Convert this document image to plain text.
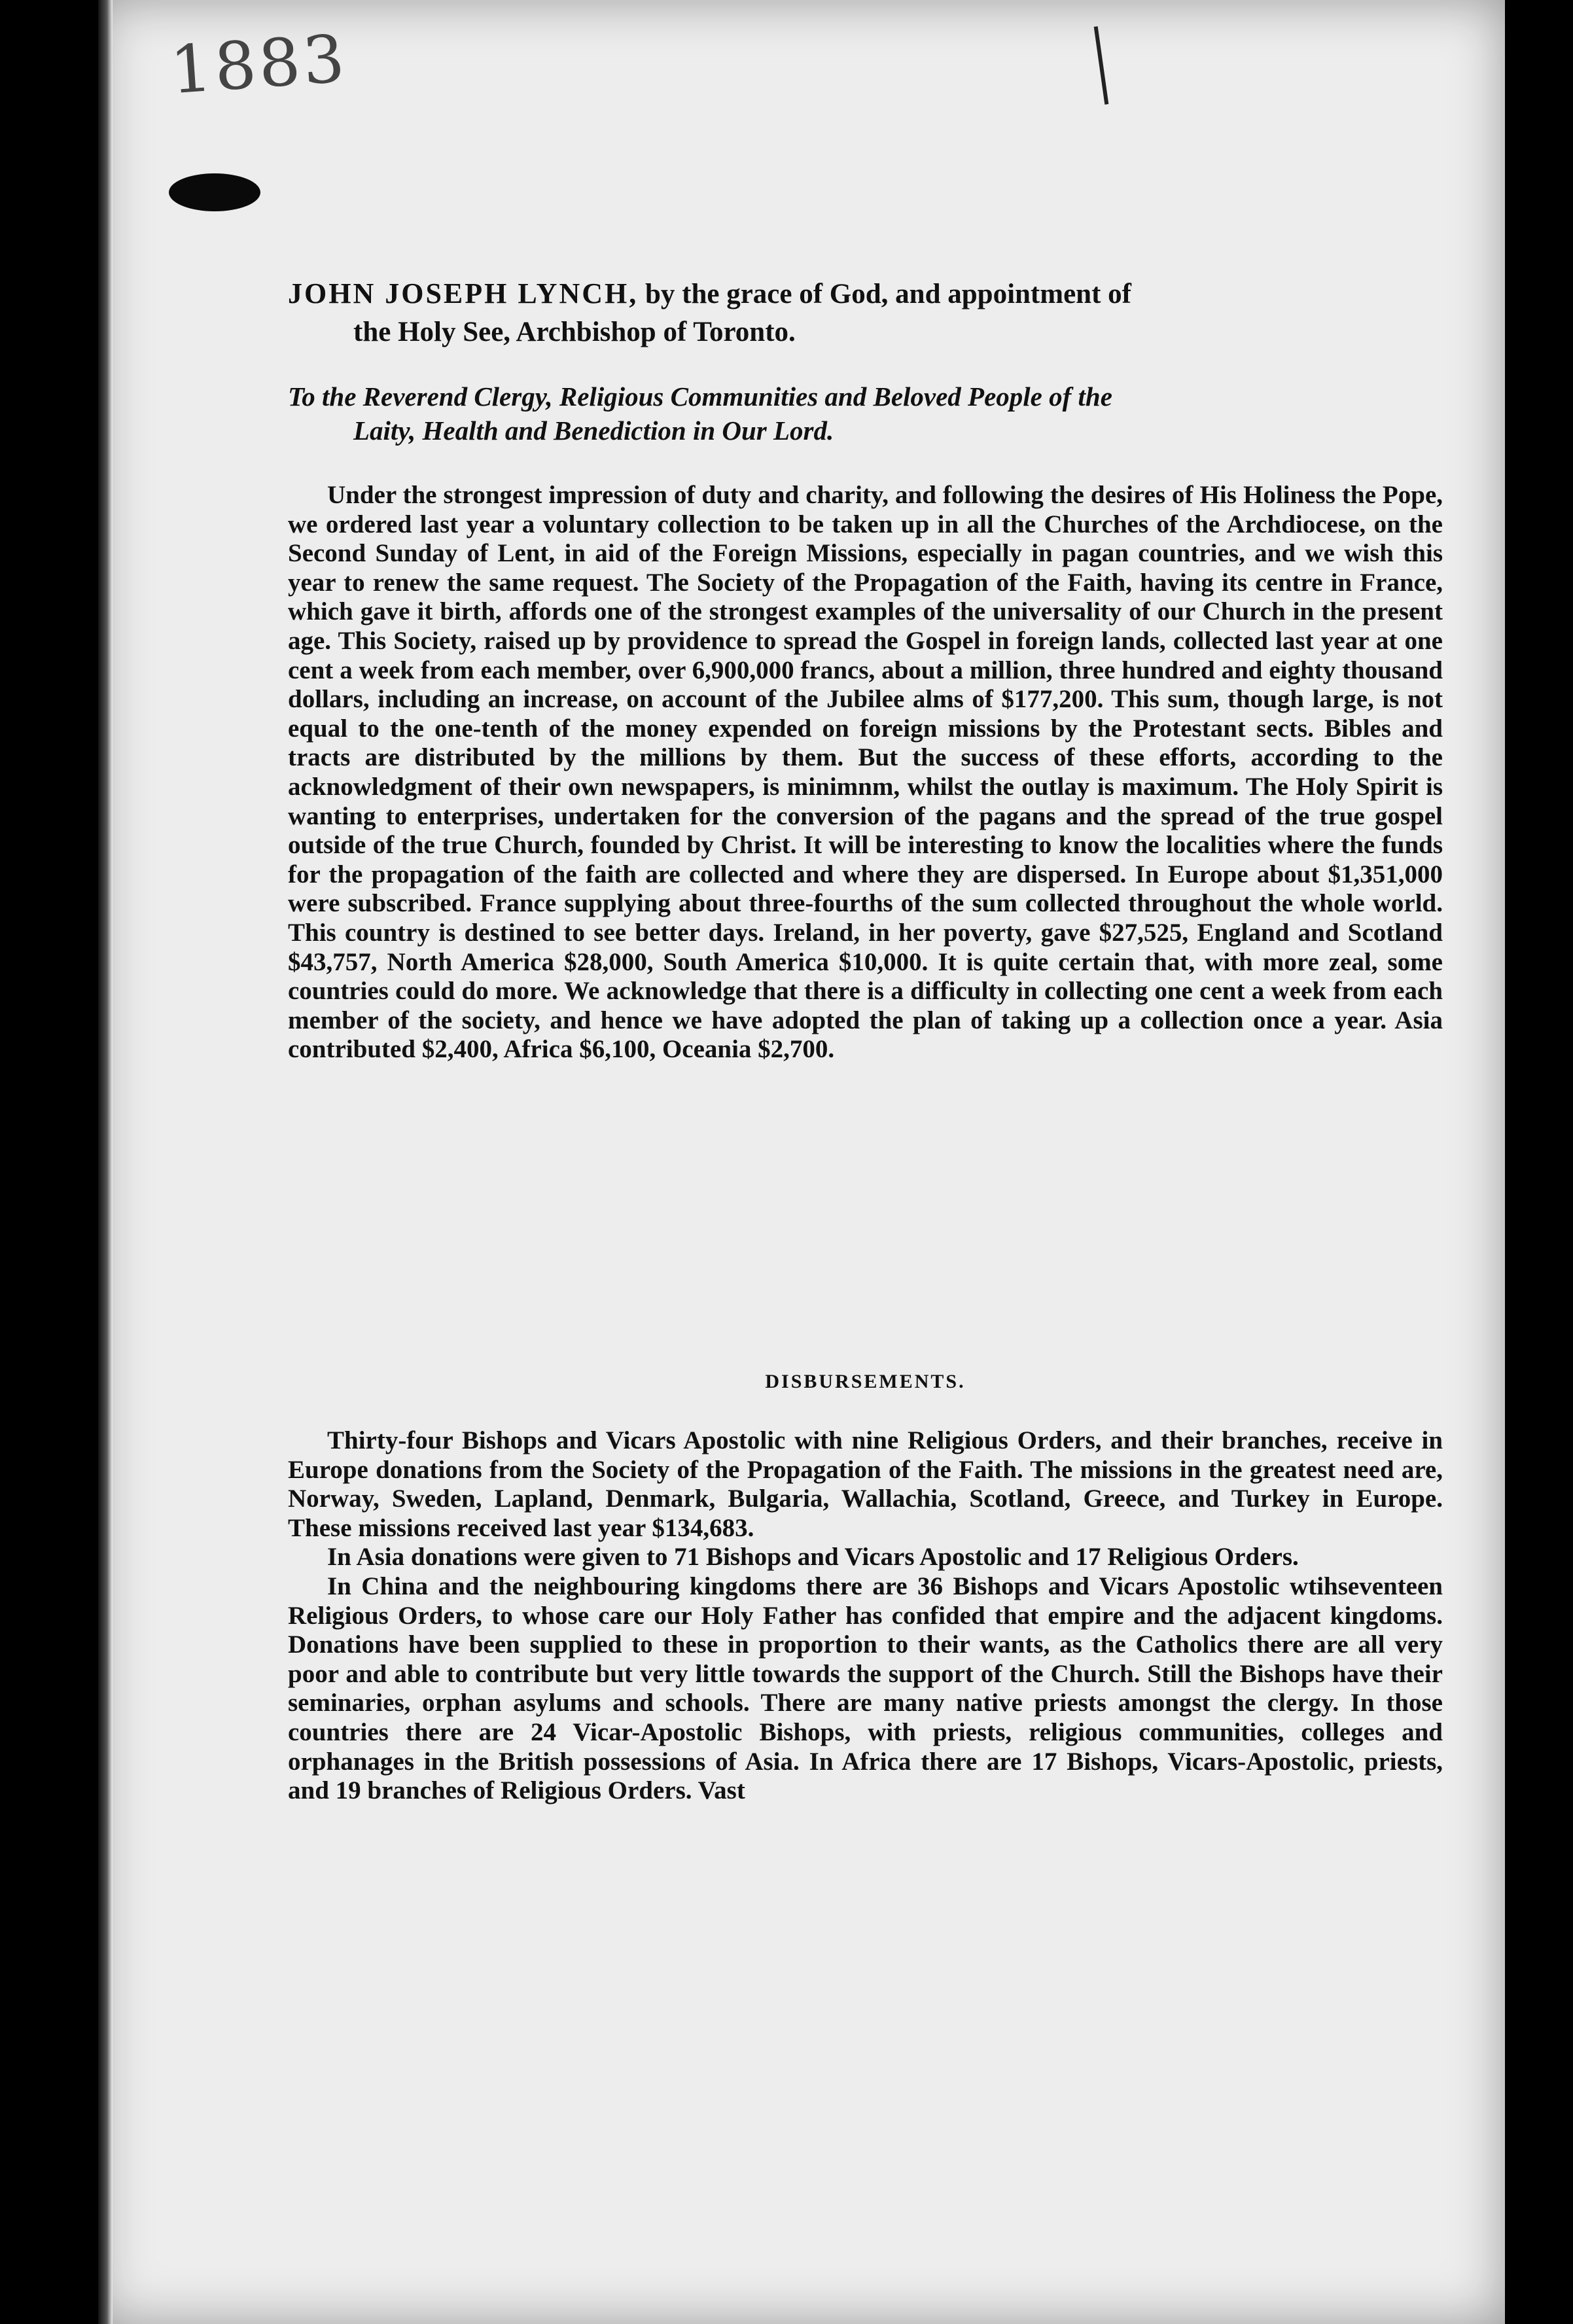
1883
JOHN JOSEPH LYNCH, by the grace of God, and appointment of
the Holy See, Archbishop of Toronto.
To the Reverend Clergy, Religious Communities and Beloved People of the
Laity, Health and Benediction in Our Lord.

Under the strongest impression of duty and charity, and following the desires of His Holiness the Pope, we ordered last year a voluntary collection to be taken up in all the Churches of the Archdiocese, on the Second Sunday of Lent, in aid of the Foreign Missions, especially in pagan countries, and we wish this year to renew the same request. The Society of the Propagation of the Faith, having its centre in France, which gave it birth, affords one of the strongest examples of the universality of our Church in the present age. This Society, raised up by providence to spread the Gospel in foreign lands, collected last year at one cent a week from each member, over 6,900,000 francs, about a million, three hundred and eighty thousand dollars, including an increase, on account of the Jubilee alms of $177,200. This sum, though large, is not equal to the one-tenth of the money expended on foreign missions by the Protestant sects. Bibles and tracts are distributed by the millions by them. But the success of these efforts, according to the acknowledgment of their own newspapers, is minimnm, whilst the outlay is maximum. The Holy Spirit is wanting to enterprises, undertaken for the conversion of the pagans and the spread of the true gospel outside of the true Church, founded by Christ. It will be interesting to know the localities where the funds for the propagation of the faith are collected and where they are dispersed. In Europe about $1,351,000 were subscribed. France supplying about three-fourths of the sum collected throughout the whole world. This country is destined to see better days. Ireland, in her poverty, gave $27,525, England and Scotland $43,757, North America $28,000, South America $10,000. It is quite certain that, with more zeal, some countries could do more. We acknowledge that there is a difficulty in collecting one cent a week from each member of the society, and hence we have adopted the plan of taking up a collection once a year. Asia contributed $2,400, Africa $6,100, Oceania $2,700.

DISBURSEMENTS.

Thirty-four Bishops and Vicars Apostolic with nine Religious Orders, and their branches, receive in Europe donations from the Society of the Propagation of the Faith. The missions in the greatest need are, Norway, Sweden, Lapland, Denmark, Bulgaria, Wallachia, Scotland, Greece, and Turkey in Europe. These missions received last year $134,683.

In Asia donations were given to 71 Bishops and Vicars Apostolic and 17 Religious Orders.

In China and the neighbouring kingdoms there are 36 Bishops and Vicars Apostolic wtihseventeen Religious Orders, to whose care our Holy Father has confided that empire and the adjacent kingdoms. Donations have been supplied to these in proportion to their wants, as the Catholics there are all very poor and able to contribute but very little towards the support of the Church. Still the Bishops have their seminaries, orphan asylums and schools. There are many native priests amongst the clergy. In those countries there are 24 Vicar-Apostolic Bishops, with priests, religious communities, colleges and orphanages in the British possessions of Asia. In Africa there are 17 Bishops, Vicars-Apostolic, priests, and 19 branches of Religious Orders. Vast
